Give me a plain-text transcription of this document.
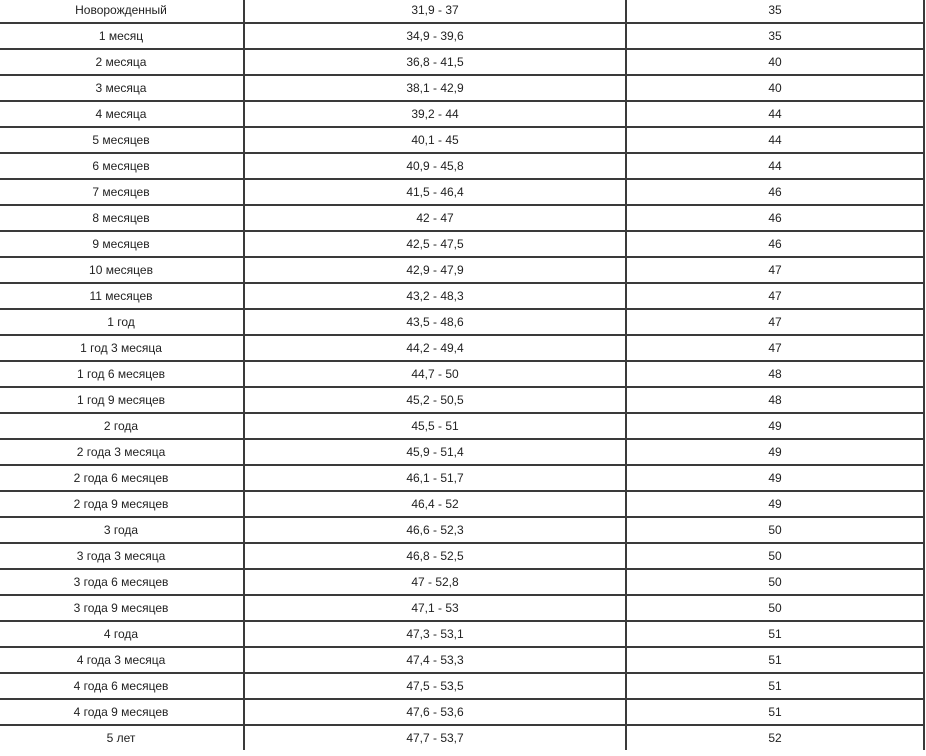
Новорожденный	31,9 - 37	35
1 месяц	34,9 - 39,6	35
2 месяца	36,8 - 41,5	40
3 месяца	38,1 - 42,9	40
4 месяца	39,2 - 44	44
5 месяцев	40,1 - 45	44
6 месяцев	40,9 - 45,8	44
7 месяцев	41,5 - 46,4	46
8 месяцев	42 - 47	46
9 месяцев	42,5 - 47,5	46
10 месяцев	42,9 - 47,9	47
11 месяцев	43,2 - 48,3	47
1 год	43,5 - 48,6	47
1 год 3 месяца	44,2 - 49,4	47
1 год 6 месяцев	44,7 - 50	48
1 год 9 месяцев	45,2 - 50,5	48
2 года	45,5 - 51	49
2 года 3 месяца	45,9 - 51,4	49
2 года 6 месяцев	46,1 - 51,7	49
2 года 9 месяцев	46,4 - 52	49
3 года	46,6 - 52,3	50
3 года 3 месяца	46,8 - 52,5	50
3 года 6 месяцев	47 - 52,8	50
3 года 9 месяцев	47,1 - 53	50
4 года	47,3 - 53,1	51
4 года 3 месяца	47,4 - 53,3	51
4 года 6 месяцев	47,5 - 53,5	51
4 года 9 месяцев	47,6 - 53,6	51
5 лет	47,7 - 53,7	52
